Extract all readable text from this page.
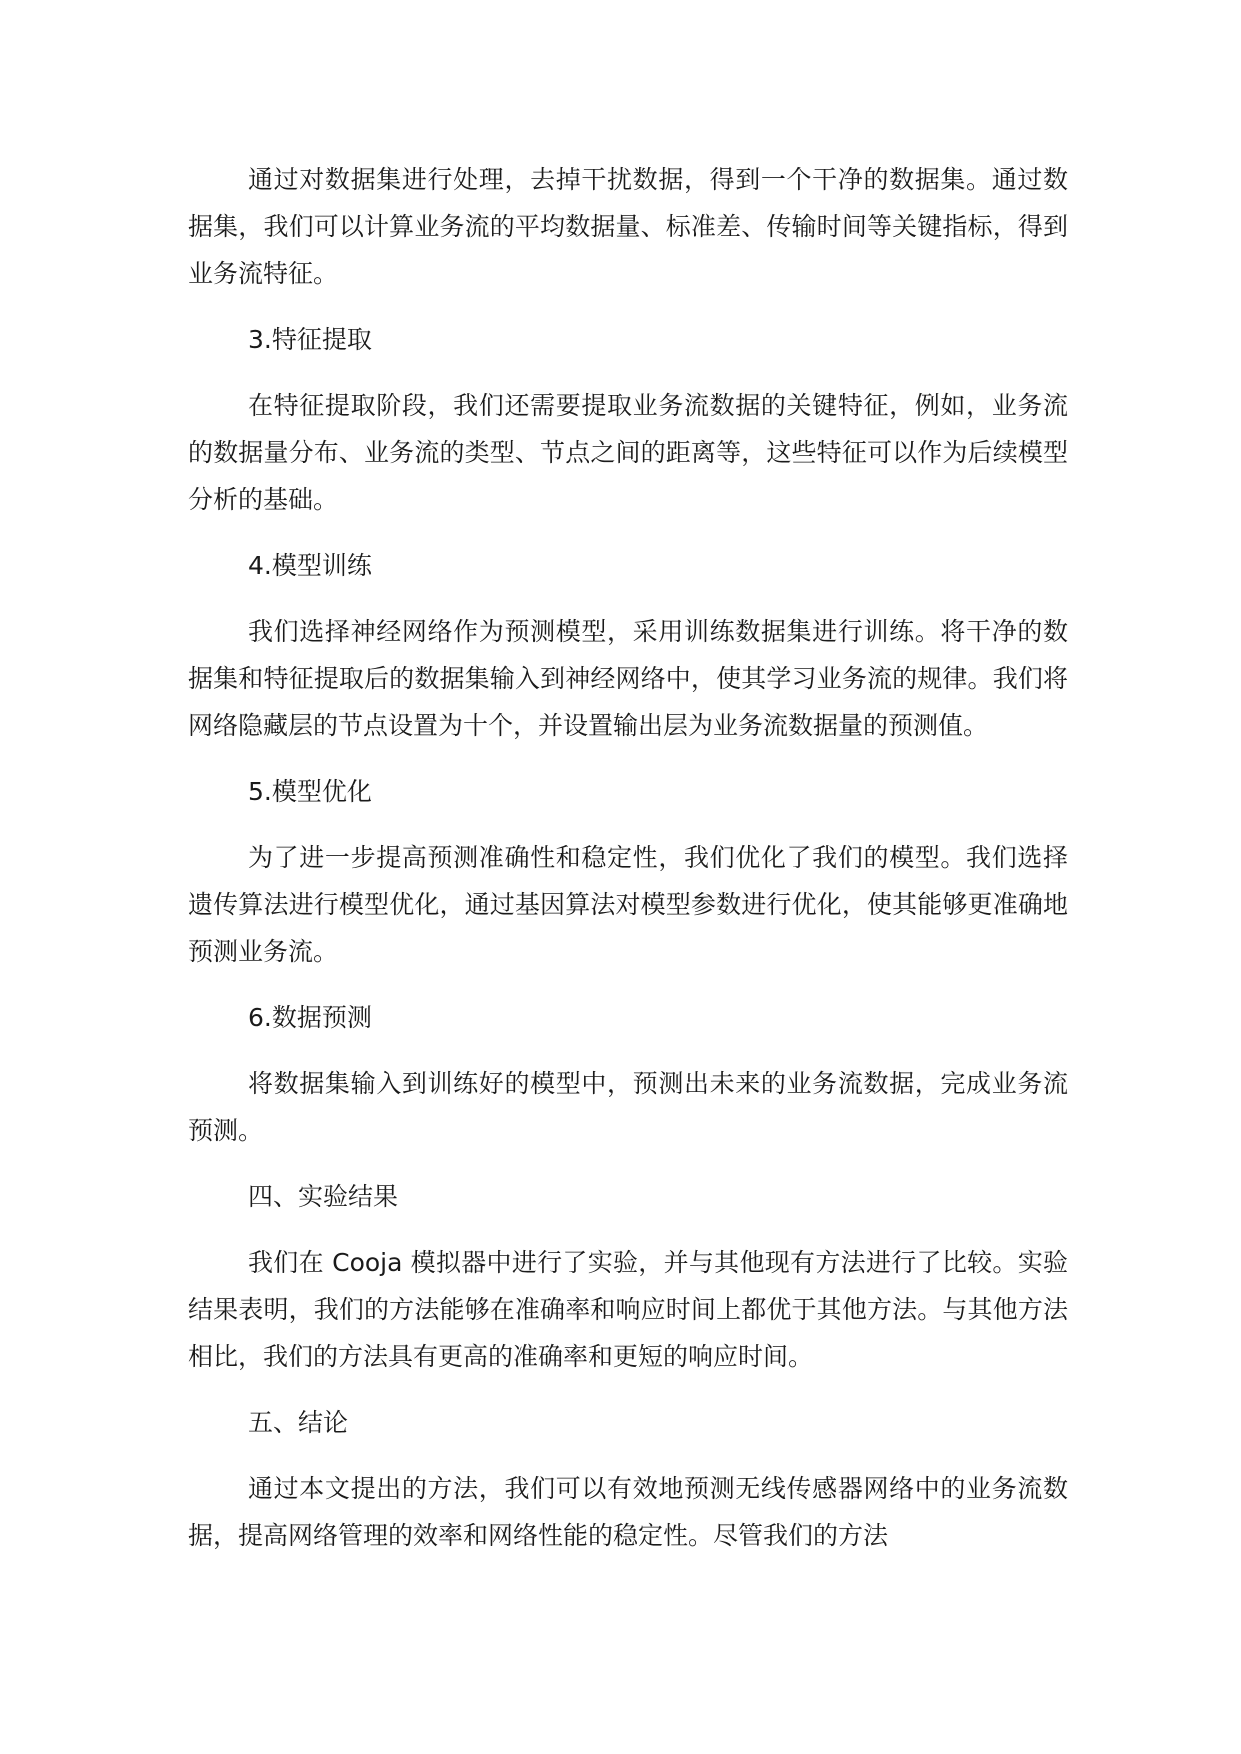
通过对数据集进行处理，去掉干扰数据，得到一个干净的数据集。通过数据集，我们可以计算业务流的平均数据量、标准差、传输时间等关键指标，得到业务流特征。

3.特征提取

在特征提取阶段，我们还需要提取业务流数据的关键特征，例如，业务流的数据量分布、业务流的类型、节点之间的距离等，这些特征可以作为后续模型分析的基础。

4.模型训练

我们选择神经网络作为预测模型，采用训练数据集进行训练。将干净的数据集和特征提取后的数据集输入到神经网络中，使其学习业务流的规律。我们将网络隐藏层的节点设置为十个，并设置输出层为业务流数据量的预测值。

5.模型优化

为了进一步提高预测准确性和稳定性，我们优化了我们的模型。我们选择遗传算法进行模型优化，通过基因算法对模型参数进行优化，使其能够更准确地预测业务流。

6.数据预测

将数据集输入到训练好的模型中，预测出未来的业务流数据，完成业务流预测。

四、实验结果

我们在 Cooja 模拟器中进行了实验，并与其他现有方法进行了比较。实验结果表明，我们的方法能够在准确率和响应时间上都优于其他方法。与其他方法相比，我们的方法具有更高的准确率和更短的响应时间。

五、结论

通过本文提出的方法，我们可以有效地预测无线传感器网络中的业务流数据，提高网络管理的效率和网络性能的稳定性。尽管我们的方法
